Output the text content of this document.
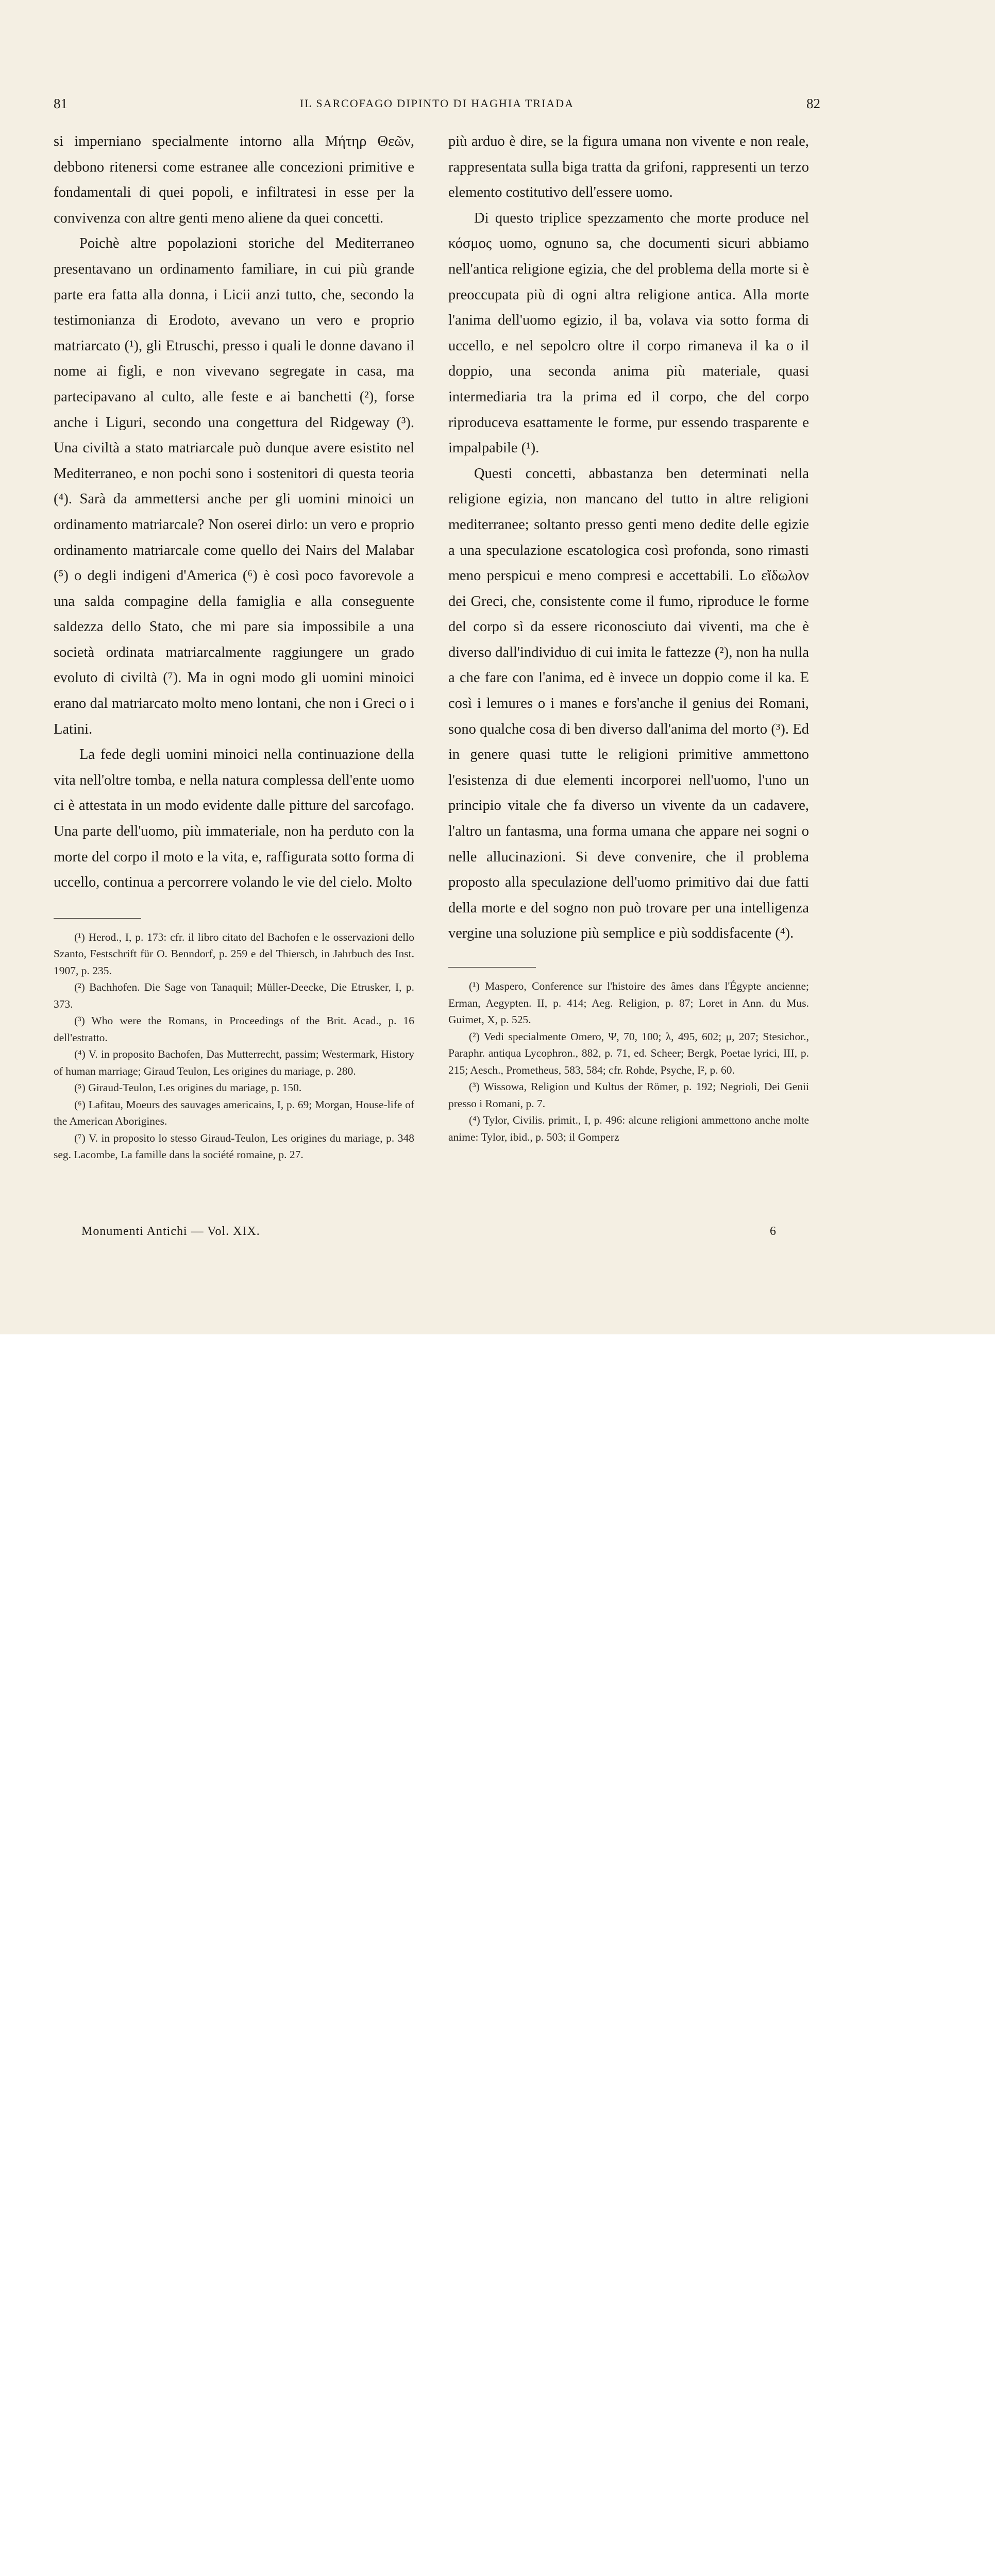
81	IL SARCOFAGO DIPINTO DI HAGHIA TRIADA	82

si imperniano specialmente intorno alla Μήτηρ Θεῶν, debbono ritenersi come estranee alle concezioni primitive e fondamentali di quei popoli, e infiltratesi in esse per la convivenza con altre genti meno aliene da quei concetti.

Poichè altre popolazioni storiche del Mediterraneo presentavano un ordinamento familiare, in cui più grande parte era fatta alla donna, i Licii anzi tutto, che, secondo la testimonianza di Erodoto, avevano un vero e proprio matriarcato (¹), gli Etruschi, presso i quali le donne davano il nome ai figli, e non vivevano segregate in casa, ma partecipavano al culto, alle feste e ai banchetti (²), forse anche i Liguri, secondo una congettura del Ridgeway (³). Una civiltà a stato matriarcale può dunque avere esistito nel Mediterraneo, e non pochi sono i sostenitori di questa teoria (⁴). Sarà da ammettersi anche per gli uomini minoici un ordinamento matriarcale? Non oserei dirlo: un vero e proprio ordinamento matriarcale come quello dei Nairs del Malabar (⁵) o degli indigeni d'America (⁶) è così poco favorevole a una salda compagine della famiglia e alla conseguente saldezza dello Stato, che mi pare sia impossibile a una società ordinata matriarcalmente raggiungere un grado evoluto di civiltà (⁷). Ma in ogni modo gli uomini minoici erano dal matriarcato molto meno lontani, che non i Greci o i Latini.

La fede degli uomini minoici nella continuazione della vita nell'oltre tomba, e nella natura complessa dell'ente uomo ci è attestata in un modo evidente dalle pitture del sarcofago. Una parte dell'uomo, più immateriale, non ha perduto con la morte del corpo il moto e la vita, e, raffigurata sotto forma di uccello, continua a percorrere volando le vie del cielo. Molto

(¹) Herod., I, p. 173: cfr. il libro citato del Bachofen e le osservazioni dello Szanto, Festschrift für O. Benndorf, p. 259 e del Thiersch, in Jahrbuch des Inst. 1907, p. 235.

(²) Bachhofen. Die Sage von Tanaquil; Müller-Deecke, Die Etrusker, I, p. 373.

(³) Who were the Romans, in Proceedings of the Brit. Acad., p. 16 dell'estratto.

(⁴) V. in proposito Bachofen, Das Mutterrecht, passim; Westermark, History of human marriage; Giraud Teulon, Les origines du mariage, p. 280.

(⁵) Giraud-Teulon, Les origines du mariage, p. 150.

(⁶) Lafitau, Moeurs des sauvages americains, I, p. 69; Morgan, House-life of the American Aborigines.

(⁷) V. in proposito lo stesso Giraud-Teulon, Les origines du mariage, p. 348 seg. Lacombe, La famille dans la société romaine, p. 27.

più arduo è dire, se la figura umana non vivente e non reale, rappresentata sulla biga tratta da grifoni, rappresenti un terzo elemento costitutivo dell'essere uomo.

Di questo triplice spezzamento che morte produce nel κόσμος uomo, ognuno sa, che documenti sicuri abbiamo nell'antica religione egizia, che del problema della morte si è preoccupata più di ogni altra religione antica. Alla morte l'anima dell'uomo egizio, il ba, volava via sotto forma di uccello, e nel sepolcro oltre il corpo rimaneva il ka o il doppio, una seconda anima più materiale, quasi intermediaria tra la prima ed il corpo, che del corpo riproduceva esattamente le forme, pur essendo trasparente e impalpabile (¹).

Questi concetti, abbastanza ben determinati nella religione egizia, non mancano del tutto in altre religioni mediterranee; soltanto presso genti meno dedite delle egizie a una speculazione escatologica così profonda, sono rimasti meno perspicui e meno compresi e accettabili. Lo εἴδωλον dei Greci, che, consistente come il fumo, riproduce le forme del corpo sì da essere riconosciuto dai viventi, ma che è diverso dall'individuo di cui imita le fattezze (²), non ha nulla a che fare con l'anima, ed è invece un doppio come il ka. E così i lemures o i manes e fors'anche il genius dei Romani, sono qualche cosa di ben diverso dall'anima del morto (³). Ed in genere quasi tutte le religioni primitive ammettono l'esistenza di due elementi incorporei nell'uomo, l'uno un principio vitale che fa diverso un vivente da un cadavere, l'altro un fantasma, una forma umana che appare nei sogni o nelle allucinazioni. Si deve convenire, che il problema proposto alla speculazione dell'uomo primitivo dai due fatti della morte e del sogno non può trovare per una intelligenza vergine una soluzione più semplice e più soddisfacente (⁴).

(¹) Maspero, Conference sur l'histoire des âmes dans l'Égypte ancienne; Erman, Aegypten. II, p. 414; Aeg. Religion, p. 87; Loret in Ann. du Mus. Guimet, X, p. 525.

(²) Vedi specialmente Omero, Ψ, 70, 100; λ, 495, 602; μ, 207; Stesichor., Paraphr. antiqua Lycophron., 882, p. 71, ed. Scheer; Bergk, Poetae lyrici, III, p. 215; Aesch., Prometheus, 583, 584; cfr. Rohde, Psyche, I², p. 60.

(³) Wissowa, Religion und Kultus der Römer, p. 192; Negrioli, Dei Genii presso i Romani, p. 7.

(⁴) Tylor, Civilis. primit., I, p. 496: alcune religioni ammettono anche molte anime: Tylor, ibid., p. 503; il Gomperz

Monumenti Antichi — Vol. XIX.	6
